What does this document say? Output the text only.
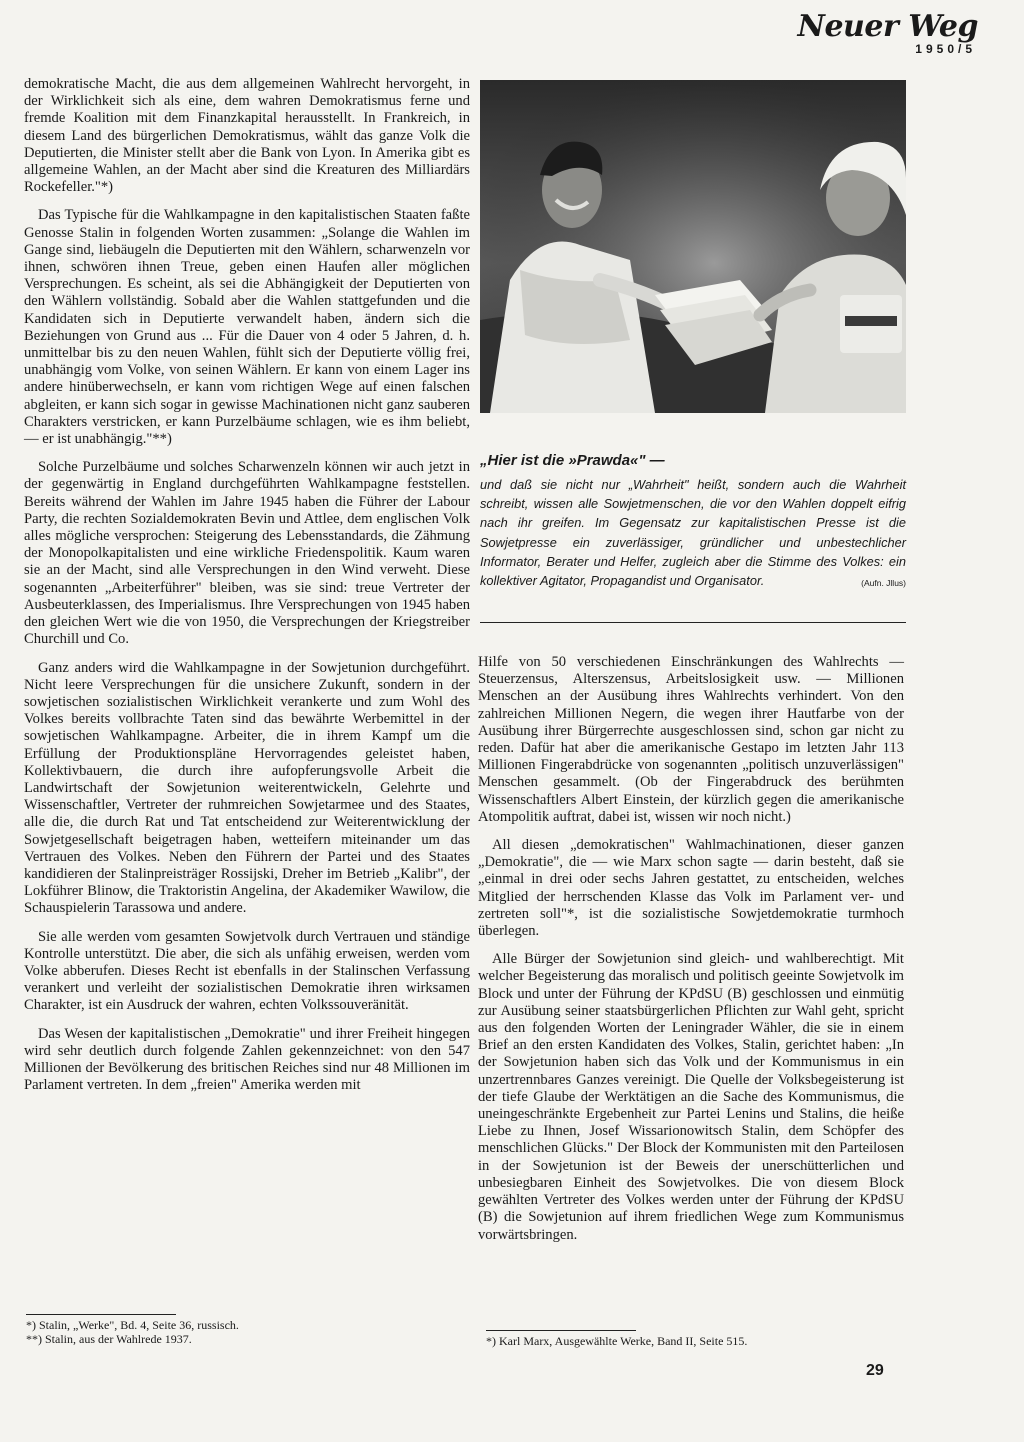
Neuer Weg
1950/5

demokratische Macht, die aus dem allgemeinen Wahlrecht hervorgeht, in der Wirklichkeit sich als eine, dem wahren Demokratismus ferne und fremde Koalition mit dem Finanzkapital herausstellt. In Frankreich, in diesem Land des bürgerlichen Demokratismus, wählt das ganze Volk die Deputierten, die Minister stellt aber die Bank von Lyon. In Amerika gibt es allgemeine Wahlen, an der Macht aber sind die Kreaturen des Milliardärs Rockefeller."*)

Das Typische für die Wahlkampagne in den kapitalistischen Staaten faßte Genosse Stalin in folgenden Worten zusammen: „Solange die Wahlen im Gange sind, liebäugeln die Deputierten mit den Wählern, scharwenzeln vor ihnen, schwören ihnen Treue, geben einen Haufen aller möglichen Versprechungen. Es scheint, als sei die Abhängigkeit der Deputierten von den Wählern vollständig. Sobald aber die Wahlen stattgefunden und die Kandidaten sich in Deputierte verwandelt haben, ändern sich die Beziehungen von Grund aus ... Für die Dauer von 4 oder 5 Jahren, d. h. unmittelbar bis zu den neuen Wahlen, fühlt sich der Deputierte völlig frei, unabhängig vom Volke, von seinen Wählern. Er kann von einem Lager ins andere hinüberwechseln, er kann vom richtigen Wege auf einen falschen abgleiten, er kann sich sogar in gewisse Machinationen nicht ganz sauberen Charakters verstricken, er kann Purzelbäume schlagen, wie es ihm beliebt, — er ist unabhängig."**)

Solche Purzelbäume und solches Scharwenzeln können wir auch jetzt in der gegenwärtig in England durchgeführten Wahlkampagne feststellen. Bereits während der Wahlen im Jahre 1945 haben die Führer der Labour Party, die rechten Sozialdemokraten Bevin und Attlee, dem englischen Volk alles mögliche versprochen: Steigerung des Lebensstandards, die Zähmung der Monopolkapitalisten und eine wirkliche Friedenspolitik. Kaum waren sie an der Macht, sind alle Versprechungen in den Wind verweht. Diese sogenannten „Arbeiterführer" bleiben, was sie sind: treue Vertreter der Ausbeuterklassen, des Imperialismus. Ihre Versprechungen von 1945 haben den gleichen Wert wie die von 1950, die Versprechungen der Kriegstreiber Churchill und Co.

Ganz anders wird die Wahlkampagne in der Sowjetunion durchgeführt. Nicht leere Versprechungen für die unsichere Zukunft, sondern in der sowjetischen sozialistischen Wirklichkeit verankerte und zum Wohl des Volkes bereits vollbrachte Taten sind das bewährte Werbemittel in der sowjetischen Wahlkampagne. Arbeiter, die in ihrem Kampf um die Erfüllung der Produktionspläne Hervorragendes geleistet haben, Kollektivbauern, die durch ihre aufopferungsvolle Arbeit die Landwirtschaft der Sowjetunion weiterentwickeln, Gelehrte und Wissenschaftler, Vertreter der ruhmreichen Sowjetarmee und des Staates, alle die, die durch Rat und Tat entscheidend zur Weiterentwicklung der Sowjetgesellschaft beigetragen haben, wetteifern miteinander um das Vertrauen des Volkes. Neben den Führern der Partei und des Staates kandidieren der Stalinpreisträger Rossijski, Dreher im Betrieb „Kalibr", der Lokführer Blinow, die Traktoristin Angelina, der Akademiker Wawilow, die Schauspielerin Tarassowa und andere.

Sie alle werden vom gesamten Sowjetvolk durch Vertrauen und ständige Kontrolle unterstützt. Die aber, die sich als unfähig erweisen, werden vom Volke abberufen. Dieses Recht ist ebenfalls in der Stalinschen Verfassung verankert und verleiht der sozialistischen Demokratie ihren wirksamen Charakter, ist ein Ausdruck der wahren, echten Volkssouveränität.

Das Wesen der kapitalistischen „Demokratie" und ihrer Freiheit hingegen wird sehr deutlich durch folgende Zahlen gekennzeichnet: von den 547 Millionen der Bevölkerung des britischen Reiches sind nur 48 Millionen im Parlament vertreten. In dem „freien" Amerika werden mit

*) Stalin, „Werke", Bd. 4, Seite 36, russisch.
**) Stalin, aus der Wahlrede 1937.
„Hier ist die »Prawda«" —
und daß sie nicht nur „Wahrheit" heißt, sondern auch die Wahrheit schreibt, wissen alle Sowjetmenschen, die vor den Wahlen doppelt eifrig nach ihr greifen. Im Gegensatz zur kapitalistischen Presse ist die Sowjetpresse ein zuverlässiger, gründlicher und unbestechlicher Informator, Berater und Helfer, zugleich aber die Stimme des Volkes: ein kollektiver Agitator, Propagandist und Organisator.	(Aufn. Jllus)

Hilfe von 50 verschiedenen Einschränkungen des Wahlrechts — Steuerzensus, Alterszensus, Arbeitslosigkeit usw. — Millionen Menschen an der Ausübung ihres Wahlrechts verhindert. Von den zahlreichen Millionen Negern, die wegen ihrer Hautfarbe von der Ausübung ihrer Bürgerrechte ausgeschlossen sind, schon gar nicht zu reden. Dafür hat aber die amerikanische Gestapo im letzten Jahr 113 Millionen Fingerabdrücke von sogenannten „politisch unzuverlässigen" Menschen gesammelt. (Ob der Fingerabdruck des berühmten Wissenschaftlers Albert Einstein, der kürzlich gegen die amerikanische Atompolitik auftrat, dabei ist, wissen wir noch nicht.)

All diesen „demokratischen" Wahlmachinationen, dieser ganzen „Demokratie", die — wie Marx schon sagte — darin besteht, daß sie „einmal in drei oder sechs Jahren gestattet, zu entscheiden, welches Mitglied der herrschenden Klasse das Volk im Parlament ver- und zertreten soll"*, ist die sozialistische Sowjetdemokratie turmhoch überlegen.

Alle Bürger der Sowjetunion sind gleich- und wahlberechtigt. Mit welcher Begeisterung das moralisch und politisch geeinte Sowjetvolk im Block und unter der Führung der KPdSU (B) geschlossen und einmütig zur Ausübung seiner staatsbürgerlichen Pflichten zur Wahl geht, spricht aus den folgenden Worten der Leningrader Wähler, die sie in einem Brief an den ersten Kandidaten des Volkes, Stalin, gerichtet haben: „In der Sowjetunion haben sich das Volk und der Kommunismus in ein unzertrennbares Ganzes vereinigt. Die Quelle der Volksbegeisterung ist der tiefe Glaube der Werktätigen an die Sache des Kommunismus, die uneingeschränkte Ergebenheit zur Partei Lenins und Stalins, die heiße Liebe zu Ihnen, Josef Wissarionowitsch Stalin, dem Schöpfer des menschlichen Glücks." Der Block der Kommunisten mit den Parteilosen in der Sowjetunion ist der Beweis der unerschütterlichen und unbesiegbaren Einheit des Sowjetvolkes. Die von diesem Block gewählten Vertreter des Volkes werden unter der Führung der KPdSU (B) die Sowjetunion auf ihrem friedlichen Wege zum Kommunismus vorwärtsbringen.

*) Karl Marx, Ausgewählte Werke, Band II, Seite 515.
29
